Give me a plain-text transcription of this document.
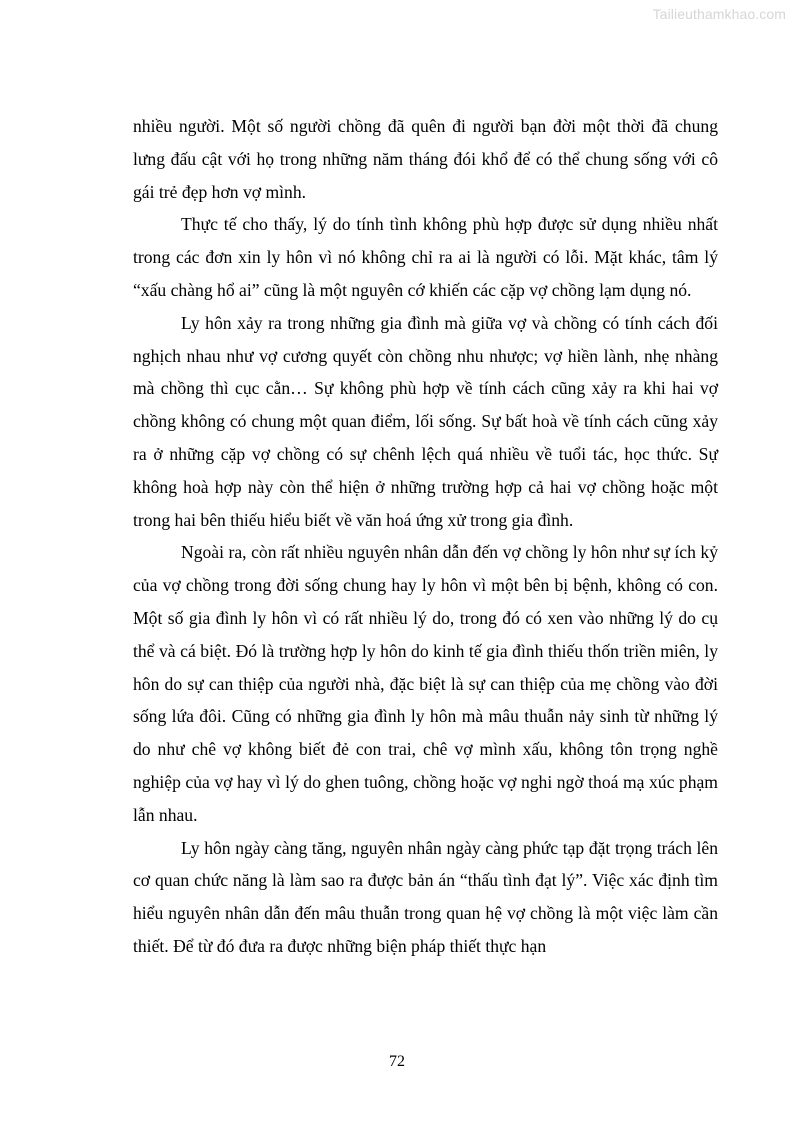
Tailieuthamkhao.com

nhiều người. Một số người chồng đã quên đi người bạn đời một thời đã chung lưng đấu cật với họ trong những năm tháng đói khổ để có thể chung sống với cô gái trẻ đẹp hơn vợ mình.

Thực tế cho thấy, lý do tính tình không phù hợp được sử dụng nhiều nhất trong các đơn xin ly hôn vì nó không chỉ ra ai là người có lỗi. Mặt khác, tâm lý “xấu chàng hổ ai” cũng là một nguyên cớ khiến các cặp vợ chồng lạm dụng nó.

Ly hôn xảy ra trong những gia đình mà giữa vợ và chồng có tính cách đối nghịch nhau như vợ cương quyết còn chồng nhu nhược; vợ hiền lành, nhẹ nhàng mà chồng thì cục cằn… Sự không phù hợp về tính cách cũng xảy ra khi hai vợ chồng không có chung một quan điểm, lối sống. Sự bất hoà về tính cách cũng xảy ra ở những cặp vợ chồng có sự chênh lệch quá nhiều về tuổi tác, học thức. Sự không hoà hợp này còn thể hiện ở những trường hợp cả hai vợ chồng hoặc một trong hai bên thiếu hiểu biết về văn hoá ứng xử trong gia đình.

Ngoài ra, còn rất nhiều nguyên nhân dẫn đến vợ chồng ly hôn như sự ích kỷ của vợ chồng trong đời sống chung hay ly hôn vì một bên bị bệnh, không có con. Một số gia đình ly hôn vì có rất nhiều lý do, trong đó có xen vào những lý do cụ thể và cá biệt. Đó là trường hợp ly hôn do kinh tế gia đình thiếu thốn triền miên, ly hôn do sự can thiệp của người nhà, đặc biệt là sự can thiệp của mẹ chồng vào đời sống lứa đôi. Cũng có những gia đình ly hôn mà mâu thuẫn nảy sinh từ những lý do như chê vợ không biết đẻ con trai, chê vợ mình xấu, không tôn trọng nghề nghiệp của vợ hay vì lý do ghen tuông, chồng hoặc vợ nghi ngờ thoá mạ xúc phạm lẫn nhau.

Ly hôn ngày càng tăng, nguyên nhân ngày càng phức tạp đặt trọng trách lên cơ quan chức năng là làm sao ra được bản án “thấu tình đạt lý”. Việc xác định tìm hiểu nguyên nhân dẫn đến mâu thuẫn trong quan hệ vợ chồng là một việc làm cần thiết. Để từ đó đưa ra được những biện pháp thiết thực hạn

72
